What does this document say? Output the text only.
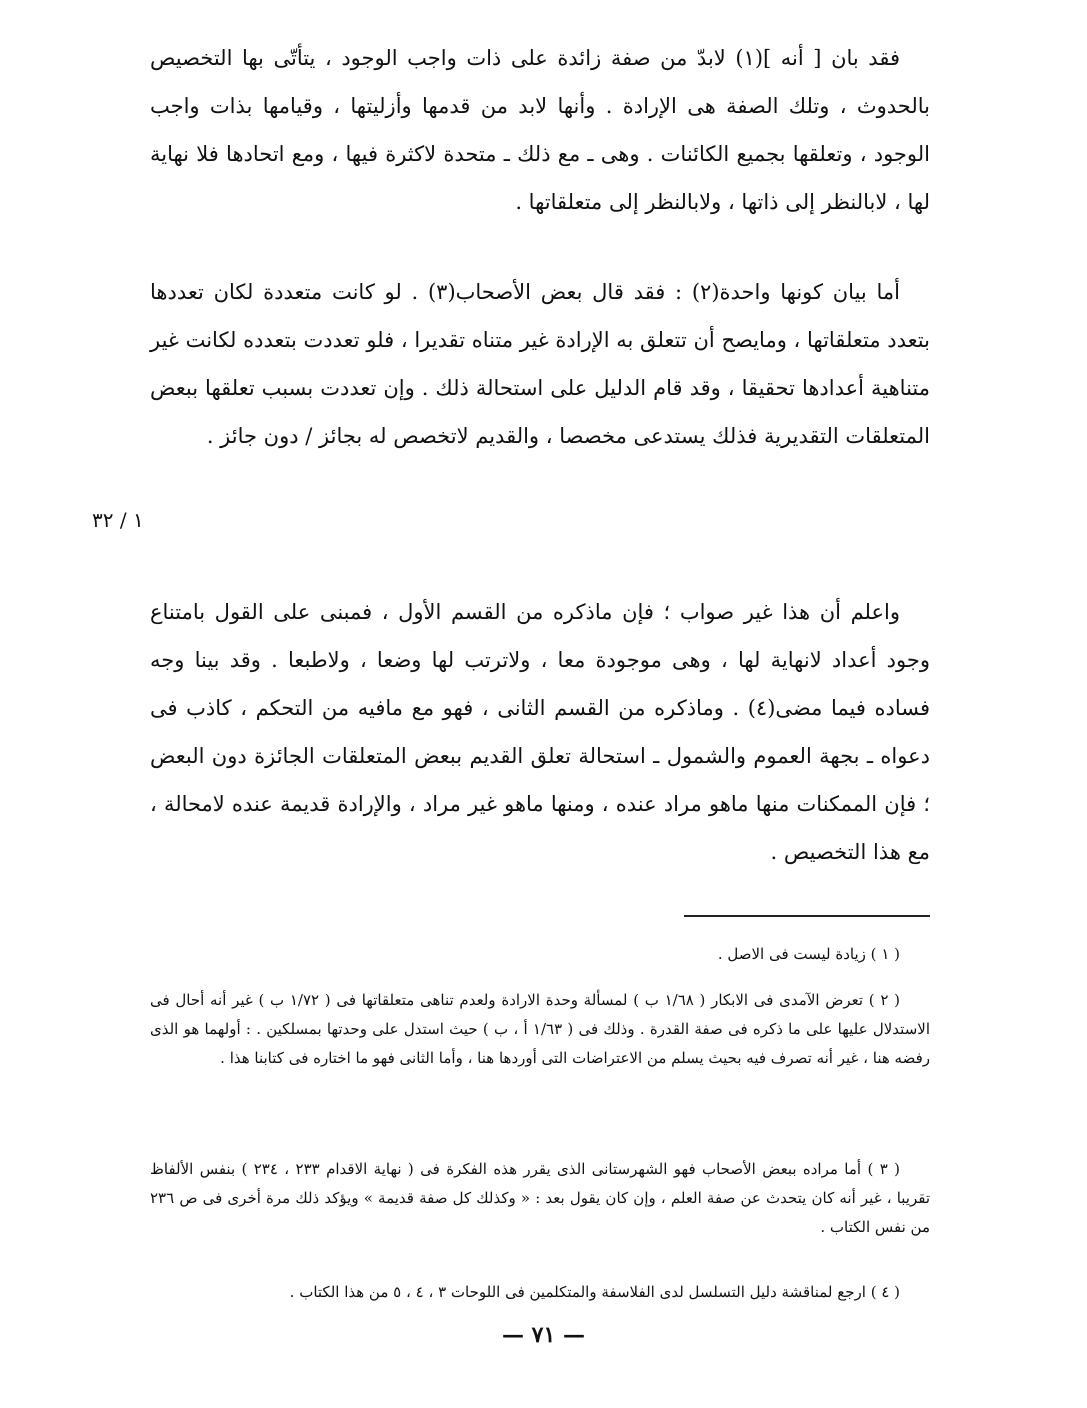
فقد بان [ أنه ](١) لابدّ من صفة زائدة على ذات واجب الوجود ، يتأتّى بها التخصيص بالحدوث ، وتلك الصفة هى الإرادة . وأنها لابد من قدمها وأزليتها ، وقيامها بذات واجب الوجود ، وتعلقها بجميع الكائنات . وهى ـ مع ذلك ـ متحدة لاكثرة فيها ، ومع اتحادها فلا نهاية لها ، لابالنظر إلى ذاتها ، ولابالنظر إلى متعلقاتها .

أما بيان كونها واحدة(٢) : فقد قال بعض الأصحاب(٣) . لو كانت متعددة لكان تعددها بتعدد متعلقاتها ، ومايصح أن تتعلق به الإرادة غير متناه تقديرا ، فلو تعددت بتعدده لكانت غير متناهية أعدادها تحقيقا ، وقد قام الدليل على استحالة ذلك . وإن تعددت بسبب تعلقها ببعض المتعلقات التقديرية فذلك يستدعى مخصصا ، والقديم لاتخصص له بجائز / دون جائز .

١ / ٣٢

واعلم أن هذا غير صواب ؛ فإن ماذكره من القسم الأول ، فمبنى على القول بامتناع وجود أعداد لانهاية لها ، وهى موجودة معا ، ولاترتب لها وضعا ، ولاطبعا . وقد بينا وجه فساده فيما مضى(٤) . وماذكره من القسم الثانى ، فهو مع مافيه من التحكم ، كاذب فى دعواه ـ بجهة العموم والشمول ـ استحالة تعلق القديم ببعض المتعلقات الجائزة دون البعض ؛ فإن الممكنات منها ماهو مراد عنده ، ومنها ماهو غير مراد ، والإرادة قديمة عنده لامحالة ، مع هذا التخصيص .

( ١ ) زيادة ليست فى الاصل .

( ٢ ) تعرض الآمدى فى الابكار ( ١/٦٨ ب ) لمسألة وحدة الارادة ولعدم تناهى متعلقاتها فى ( ١/٧٢ ب ) غير أنه أحال فى الاستدلال عليها على ما ذكره فى صفة القدرة . وذلك فى ( ١/٦٣ أ ، ب ) حيث استدل على وحدتها بمسلكين . : أولهما هو الذى رفضه هنا ، غير أنه تصرف فيه بحيث يسلم من الاعتراضات التى أوردها هنا ، وأما الثانى فهو ما اختاره فى كتابنا هذا .

( ٣ ) أما مراده ببعض الأصحاب فهو الشهرستانى الذى يقرر هذه الفكرة فى ( نهاية الاقدام ٢٣٣ ، ٢٣٤ ) بنفس الألفاظ تقريبا ، غير أنه كان يتحدث عن صفة العلم ، وإن كان يقول بعد : « وكذلك كل صفة قديمة » ويؤكد ذلك مرة أخرى فى ص ٢٣٦ من نفس الكتاب .

( ٤ ) ارجع لمناقشة دليل التسلسل لدى الفلاسفة والمتكلمين فى اللوحات ٣ ، ٤ ، ٥ من هذا الكتاب .

— ٧١ —
